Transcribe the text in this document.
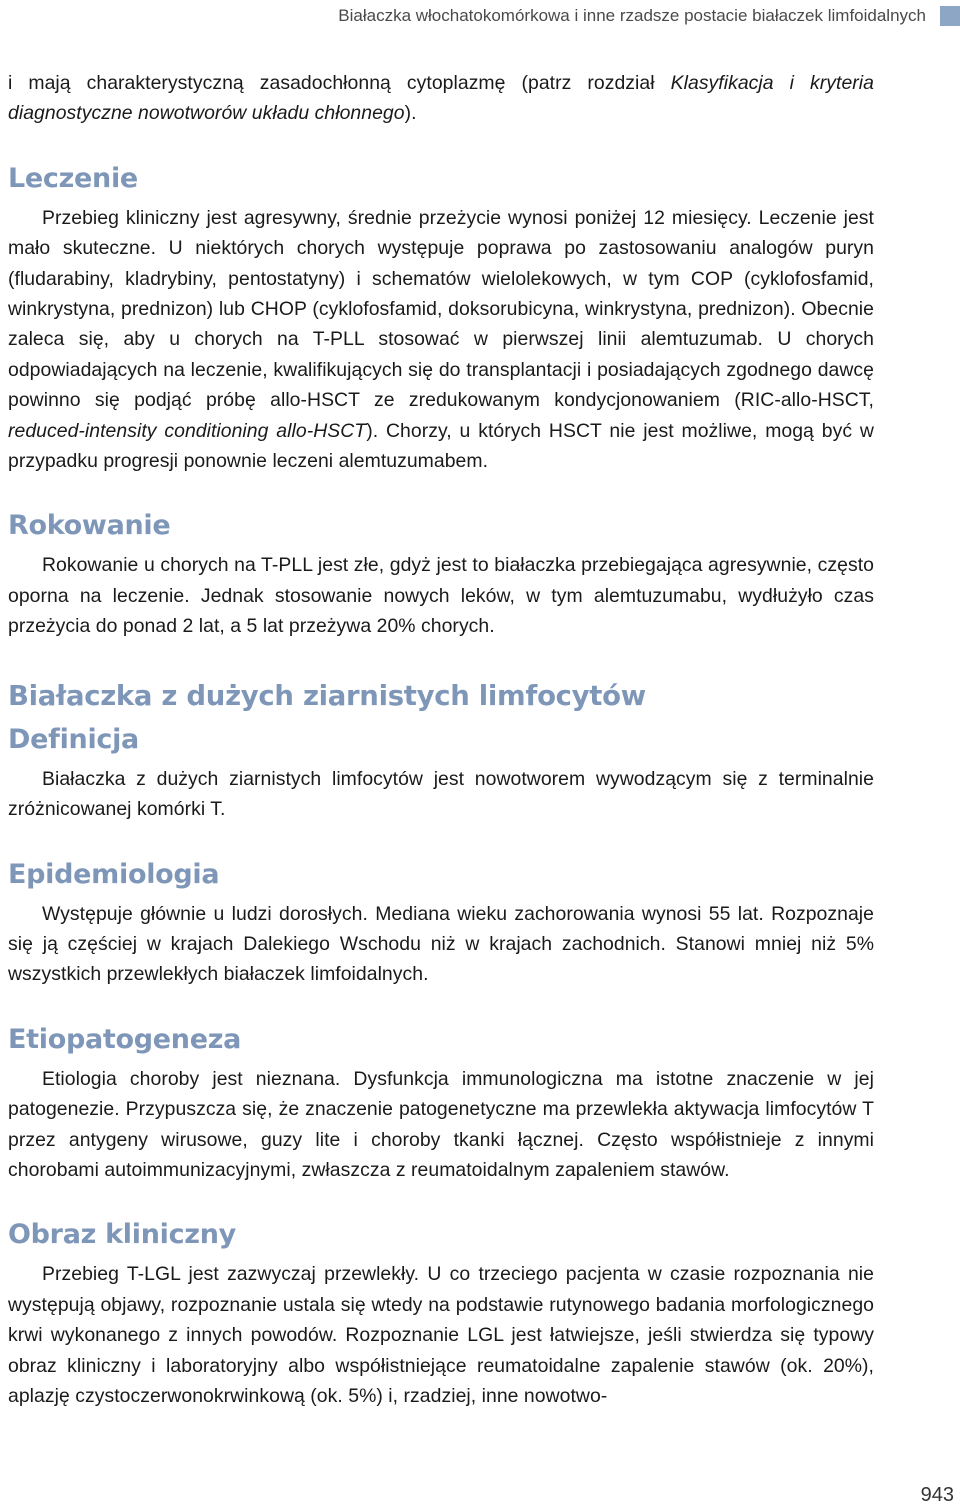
Białaczka włochatokomórkowa i inne rzadsze postacie białaczek limfoidalnych

i mają charakterystyczną zasadochłonną cytoplazmę (patrz rozdział Klasyfikacja i kryteria diagnostyczne nowotworów układu chłonnego).

Leczenie

Przebieg kliniczny jest agresywny, średnie przeżycie wynosi poniżej 12 miesięcy. Leczenie jest mało skuteczne. U niektórych chorych występuje poprawa po zastosowaniu analogów puryn (fludarabiny, kladrybiny, pentostatyny) i schematów wielolekowych, w tym COP (cyklofosfamid, winkrystyna, prednizon) lub CHOP (cyklofosfamid, doksorubicyna, winkrystyna, prednizon). Obecnie zaleca się, aby u chorych na T-PLL stosować w pierwszej linii alemtuzumab. U chorych odpowiadających na leczenie, kwalifikujących się do transplantacji i posiadających zgodnego dawcę powinno się podjąć próbę allo-HSCT ze zredukowanym kondycjonowaniem (RIC-allo-HSCT, reduced-intensity conditioning allo-HSCT). Chorzy, u których HSCT nie jest możliwe, mogą być w przypadku progresji ponownie leczeni alemtuzumabem.

Rokowanie

Rokowanie u chorych na T-PLL jest złe, gdyż jest to białaczka przebiegająca agresywnie, często oporna na leczenie. Jednak stosowanie nowych leków, w tym alemtuzumabu, wydłużyło czas przeżycia do ponad 2 lat, a 5 lat przeżywa 20% chorych.

Białaczka z dużych ziarnistych limfocytów
Definicja

Białaczka z dużych ziarnistych limfocytów jest nowotworem wywodzącym się z terminalnie zróżnicowanej komórki T.

Epidemiologia

Występuje głównie u ludzi dorosłych. Mediana wieku zachorowania wynosi 55 lat. Rozpoznaje się ją częściej w krajach Dalekiego Wschodu niż w krajach zachodnich. Stanowi mniej niż 5% wszystkich przewlekłych białaczek limfoidalnych.

Etiopatogeneza

Etiologia choroby jest nieznana. Dysfunkcja immunologiczna ma istotne znaczenie w jej patogenezie. Przypuszcza się, że znaczenie patogenetyczne ma przewlekła aktywacja limfocytów T przez antygeny wirusowe, guzy lite i choroby tkanki łącznej. Często współistnieje z innymi chorobami autoimmunizacyjnymi, zwłaszcza z reumatoidalnym zapaleniem stawów.

Obraz kliniczny

Przebieg T-LGL jest zazwyczaj przewlekły. U co trzeciego pacjenta w czasie rozpoznania nie występują objawy, rozpoznanie ustala się wtedy na podstawie rutynowego badania morfologicznego krwi wykonanego z innych powodów. Rozpoznanie LGL jest łatwiejsze, jeśli stwierdza się typowy obraz kliniczny i laboratoryjny albo współistniejące reumatoidalne zapalenie stawów (ok. 20%), aplazję czystoczerwonokrwinkową (ok. 5%) i, rzadziej, inne nowotwo-

943
